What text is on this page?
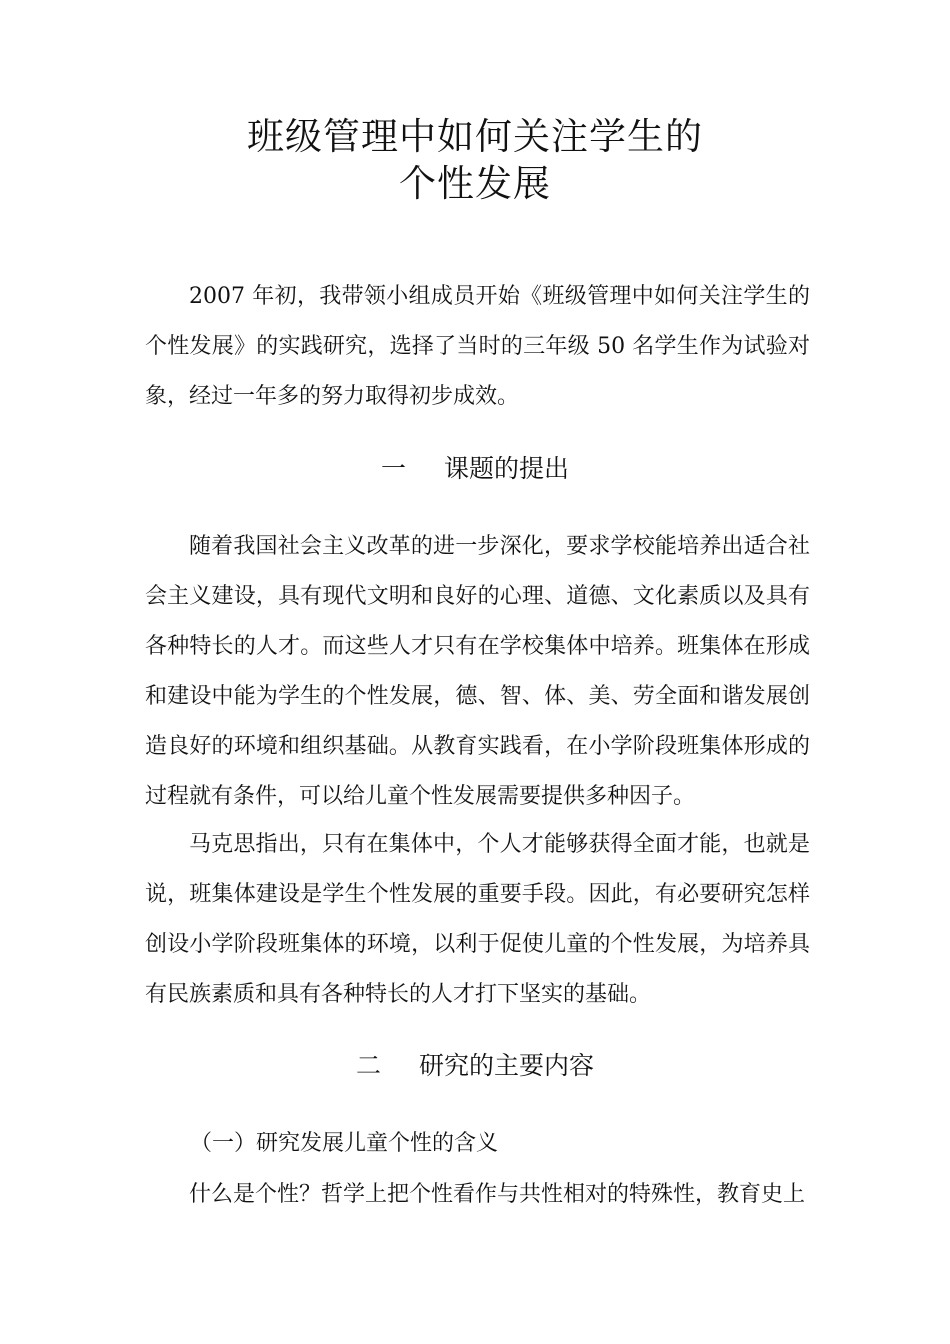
班级管理中如何关注学生的
个性发展

2007 年初，我带领小组成员开始《班级管理中如何关注学生的个性发展》的实践研究，选择了当时的三年级 50 名学生作为试验对象，经过一年多的努力取得初步成效。

一 课题的提出

随着我国社会主义改革的进一步深化，要求学校能培养出适合社会主义建设，具有现代文明和良好的心理、道德、文化素质以及具有各种特长的人才。而这些人才只有在学校集体中培养。班集体在形成和建设中能为学生的个性发展，德、智、体、美、劳全面和谐发展创造良好的环境和组织基础。从教育实践看，在小学阶段班集体形成的过程就有条件，可以给儿童个性发展需要提供多种因子。

马克思指出，只有在集体中，个人才能够获得全面才能，也就是说，班集体建设是学生个性发展的重要手段。因此，有必要研究怎样创设小学阶段班集体的环境，以利于促使儿童的个性发展，为培养具有民族素质和具有各种特长的人才打下坚实的基础。

二 研究的主要内容
（一）研究发展儿童个性的含义

什么是个性？哲学上把个性看作与共性相对的特殊性，教育史上
